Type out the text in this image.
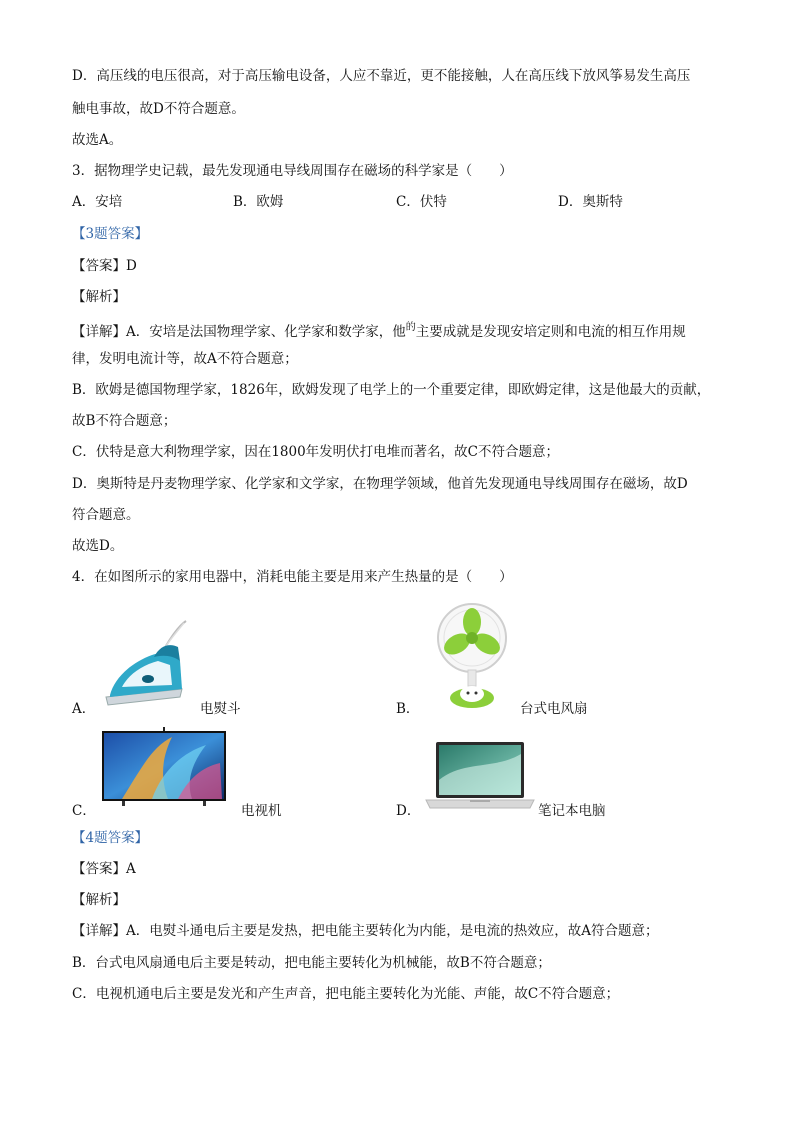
D．高压线的电压很高，对于高压输电设备，人应不靠近，更不能接触，人在高压线下放风筝易发生高压
触电事故，故D不符合题意。
故选A。
3．据物理学史记载，最先发现通电导线周围存在磁场的科学家是（　　）
A．安培	B．欧姆	C．伏特	D．奥斯特
【3题答案】
【答案】D
【解析】
【详解】A．安培是法国物理学家、化学家和数学家，他$^的$主要成就是发现安培定则和电流的相互作用规
律，发明电流计等，故A不符合题意；
B．欧姆是德国物理学家，1826年，欧姆发现了电学上的一个重要定律，即欧姆定律，这是他最大的贡献，
故B不符合题意；
C．伏特是意大利物理学家，因在1800年发明伏打电堆而著名，故C不符合题意；
D．奥斯特是丹麦物理学家、化学家和文学家，在物理学领域，他首先发现通电导线周围存在磁场，故D
符合题意。
故选D。
4．在如图所示的家用电器中，消耗电能主要是用来产生热量的是（　　）
A．	电熨斗	B．	台式电风扇
C．	电视机	D．	笔记本电脑
【4题答案】
【答案】A
【解析】
【详解】A．电熨斗通电后主要是发热，把电能主要转化为内能，是电流的热效应，故A符合题意；
B．台式电风扇通电后主要是转动，把电能主要转化为机械能，故B不符合题意；
C．电视机通电后主要是发光和产生声音，把电能主要转化为光能、声能，故C不符合题意；
